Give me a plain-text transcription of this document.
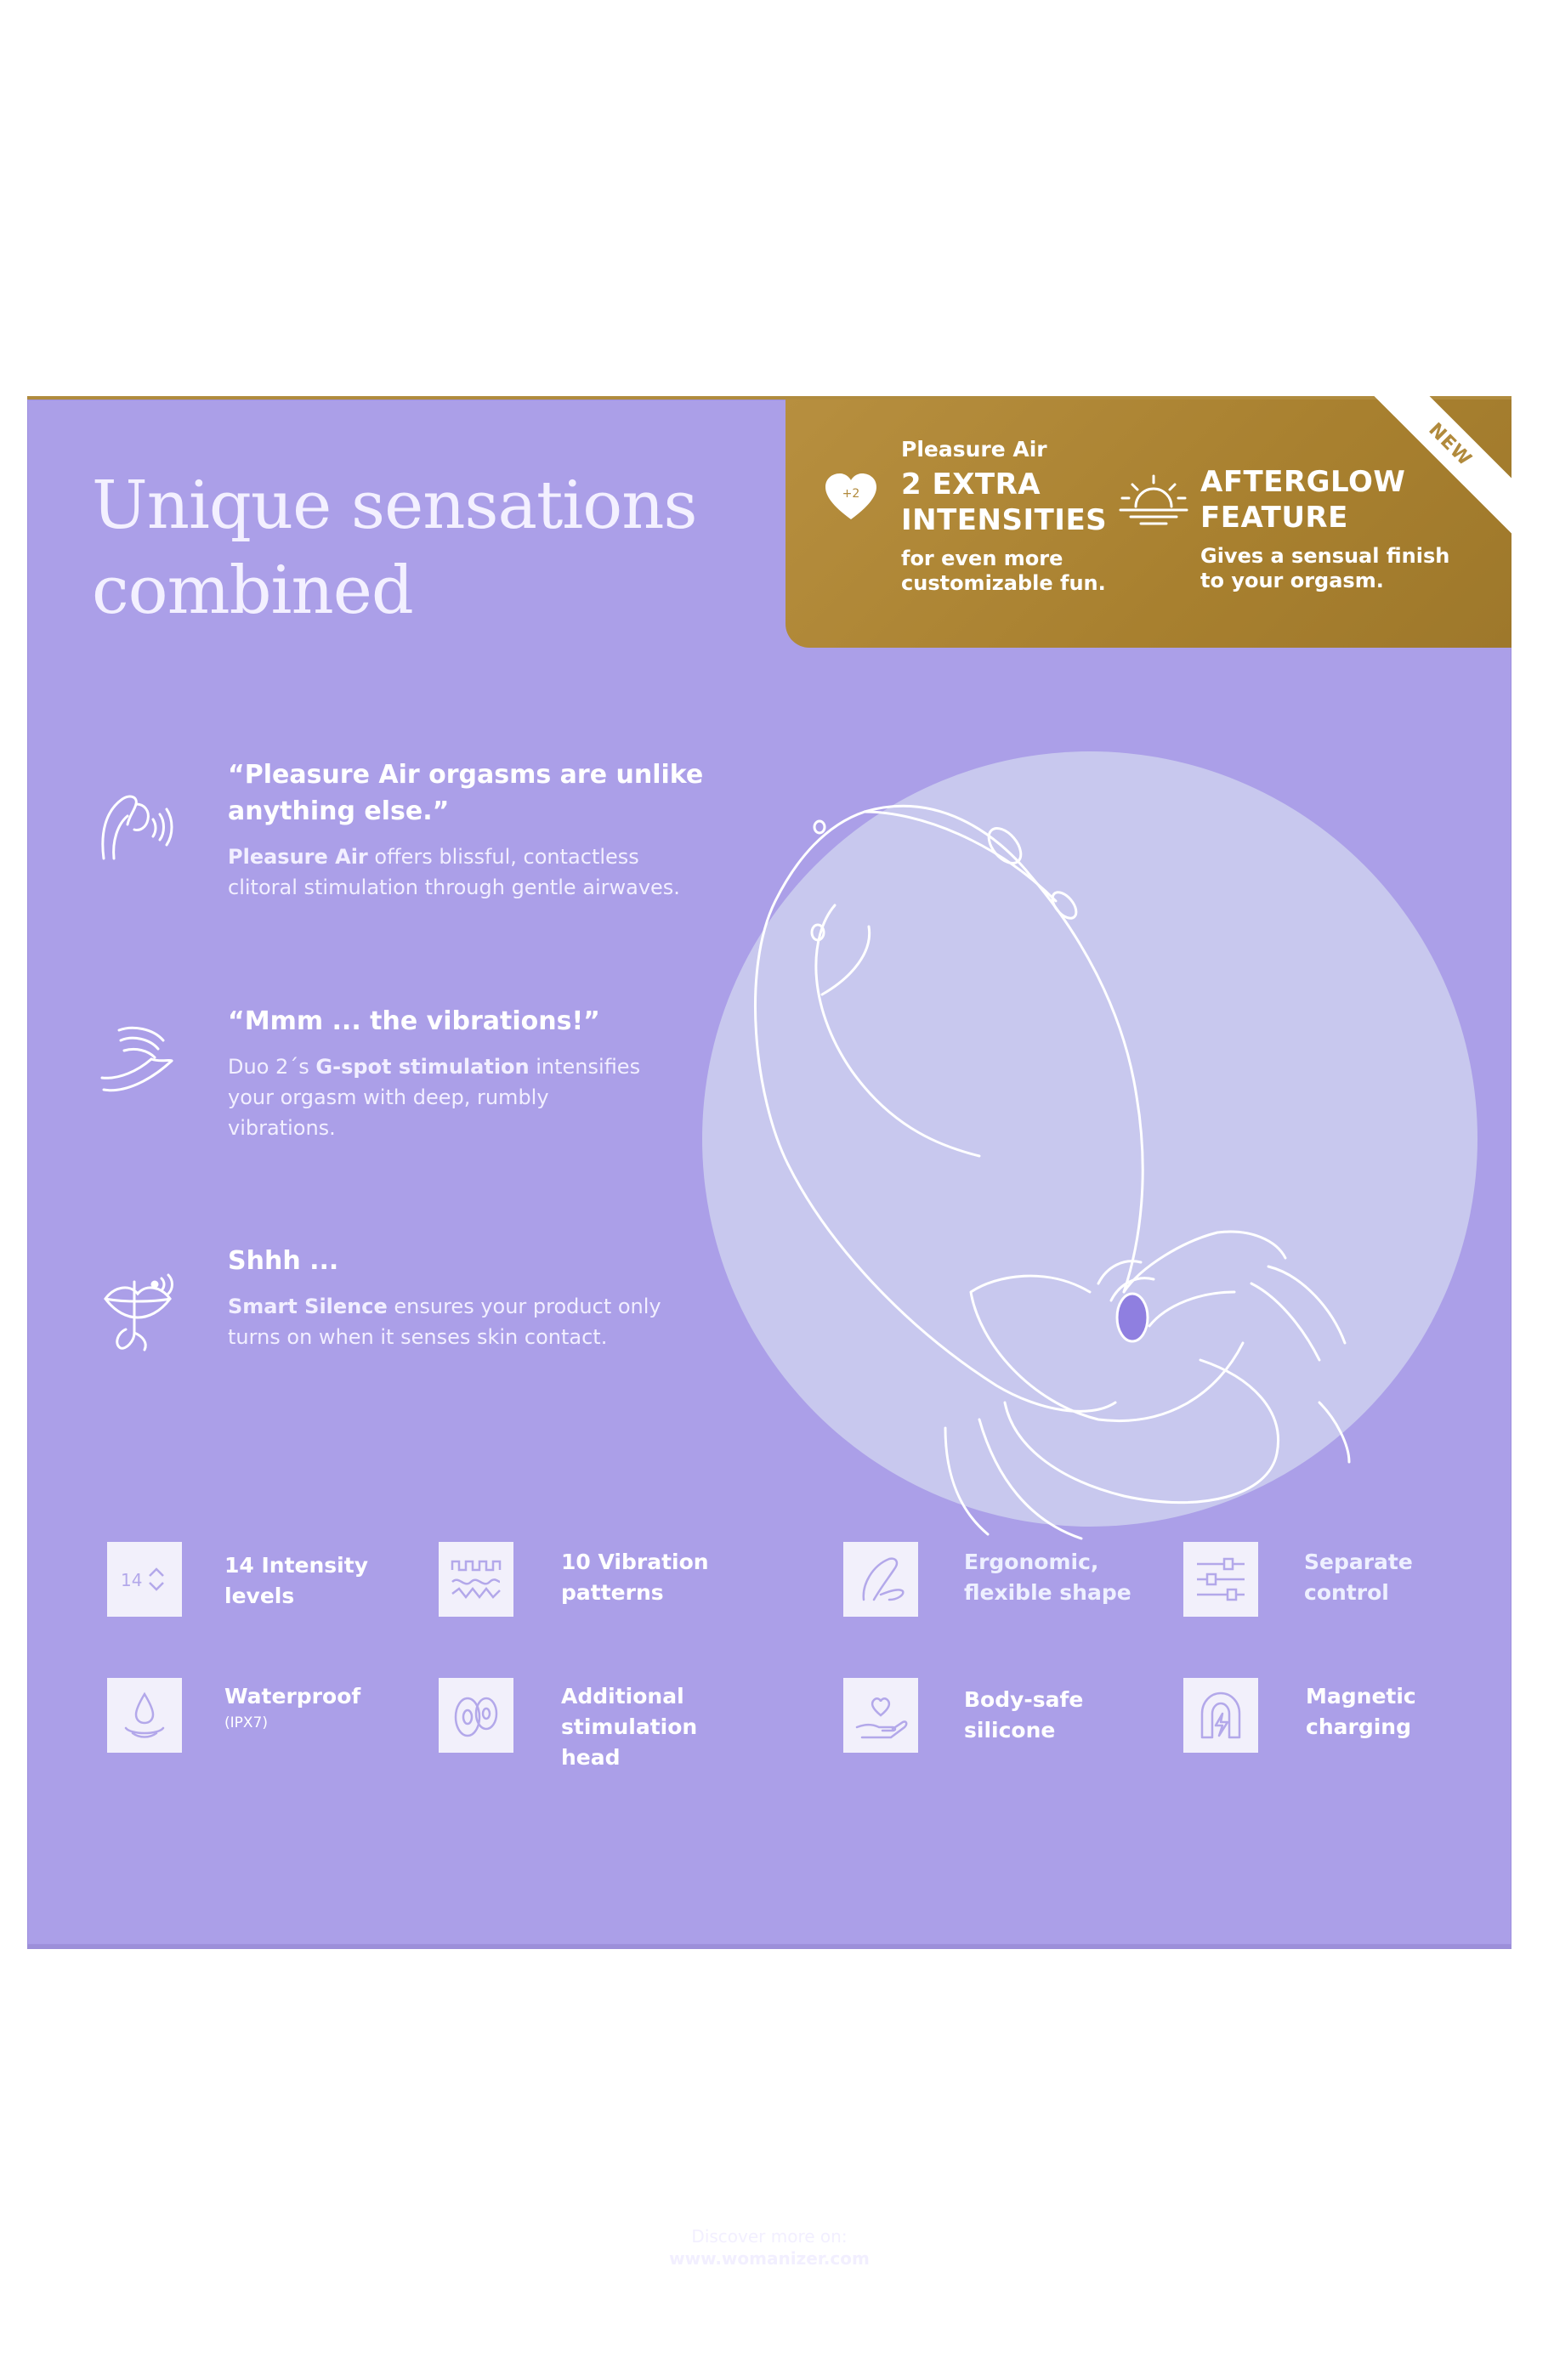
Unique sensations
combined
NEW
+2

Pleasure Air

2 EXTRA

INTENSITIES

for even more

customizable fun.

AFTERGLOW

FEATURE

Gives a sensual finish

to your orgasm.

“Pleasure Air orgasms are unlike
anything else.”

Pleasure Air offers blissful, contactless
clitoral stimulation through gentle airwaves.

“Mmm ... the vibrations!”

Duo 2´s G-spot stimulation intensifies
your orgasm with deep, rumbly
vibrations.

Shhh ...

Smart Silence ensures your product only
turns on when it senses skin contact.

14
14 Intensity
levels
10 Vibration
patterns
Ergonomic,
flexible shape
Separate
control
Waterproof
(IPX7)
Additional
stimulation head
Body-safe
silicone
Magnetic
charging

Discover more on:

www.womanizer.com
